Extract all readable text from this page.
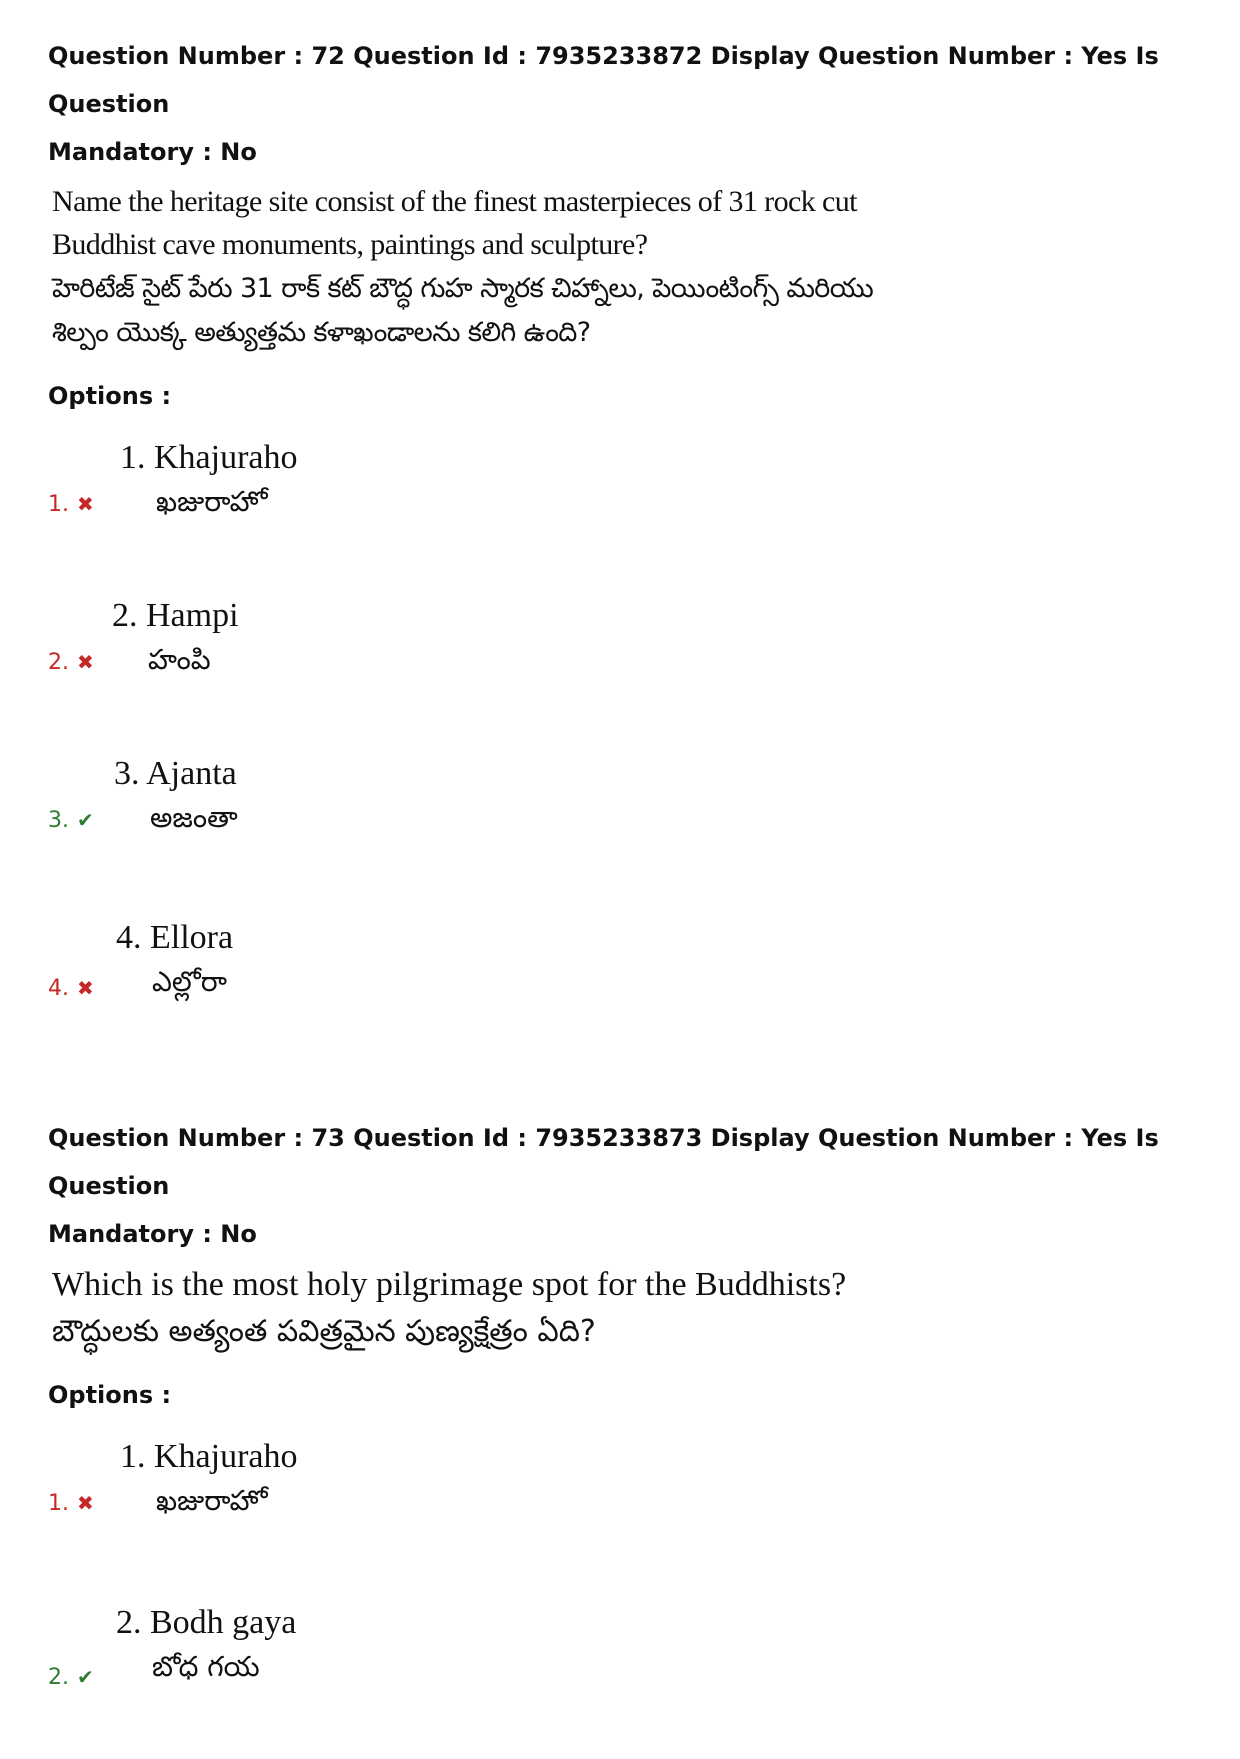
Question Number : 72 Question Id : 7935233872 Display Question Number : Yes Is Question
Mandatory : No
Name the heritage site consist of the finest masterpieces of 31 rock cut Buddhist cave monuments, paintings and sculpture?
హెరిటేజ్ సైట్ పేరు 31 రాక్ కట్ బౌద్ధ గుహ స్మారక చిహ్నాలు, పెయింటింగ్స్ మరియు శిల్పం యొక్క అత్యుత్తమ కళాఖండాలను కలిగి ఉంది?
Options :
1. Khajuraho
ఖజురాహో
1. ✖
2. Hampi
హంపి
2. ✖
3. Ajanta
అజంతా
3. ✔
4. Ellora
ఎల్లోరా
4. ✖
Question Number : 73 Question Id : 7935233873 Display Question Number : Yes Is Question
Mandatory : No
Which is the most holy pilgrimage spot for the Buddhists?
బౌద్ధులకు అత్యంత పవిత్రమైన పుణ్యక్షేత్రం ఏది?
Options :
1. Khajuraho
ఖజురాహో
1. ✖
2. Bodh gaya
బోధ గయ
2. ✔
